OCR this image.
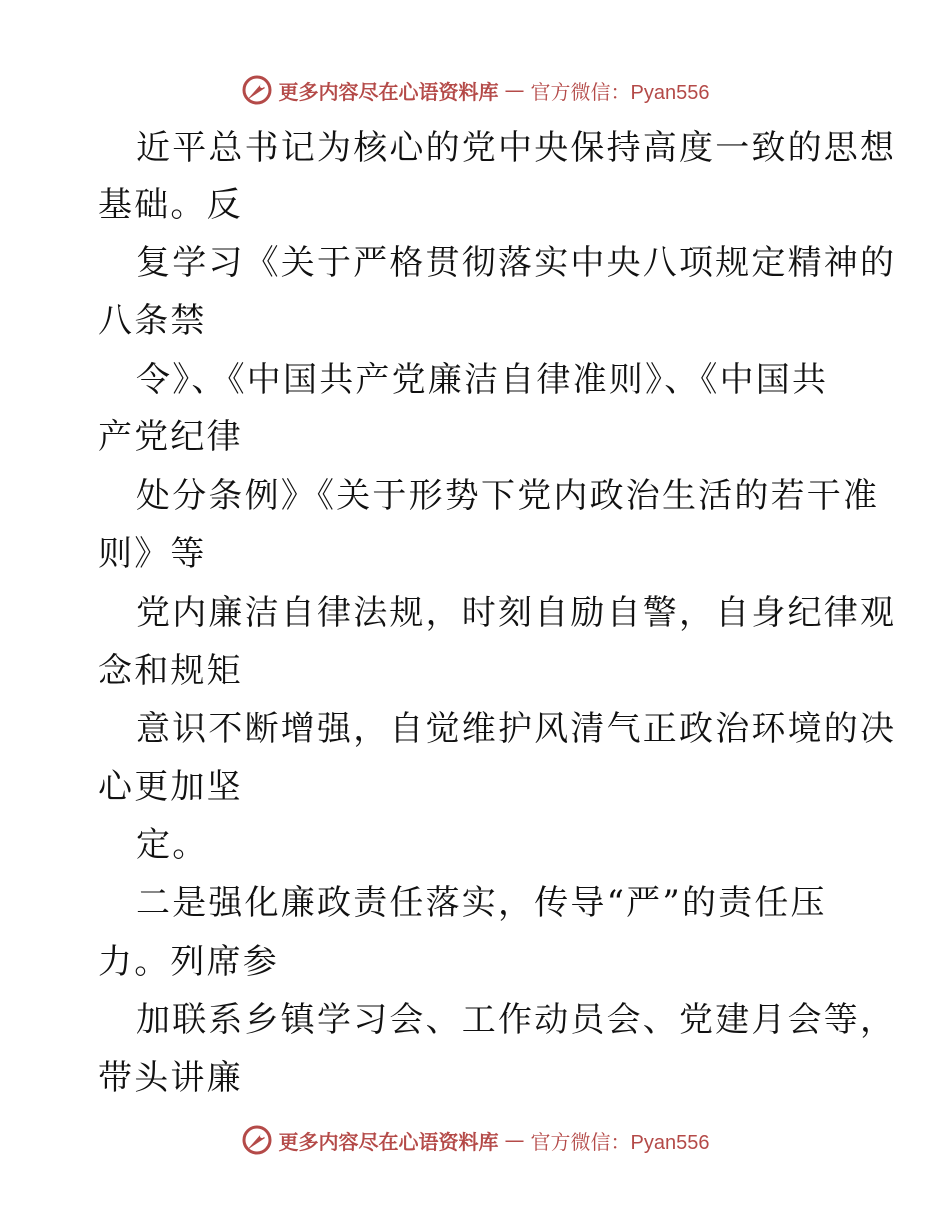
更多内容尽在心语资料库 — 官方微信：Pyan556
近平总书记为核心的党中央保持高度一致的思想
基础。反
复学习《关于严格贯彻落实中央八项规定精神的
八条禁
令》、《中国共产党廉洁自律准则》、《中国共
产党纪律
处分条例》《关于形势下党内政治生活的若干准
则》等
党内廉洁自律法规，时刻自励自警，自身纪律观
念和规矩
意识不断增强，自觉维护风清气正政治环境的决
心更加坚
定。
二是强化廉政责任落实，传导“严”的责任压
力。列席参
加联系乡镇学习会、工作动员会、党建月会等，
带头讲廉
更多内容尽在心语资料库 — 官方微信：Pyan556
